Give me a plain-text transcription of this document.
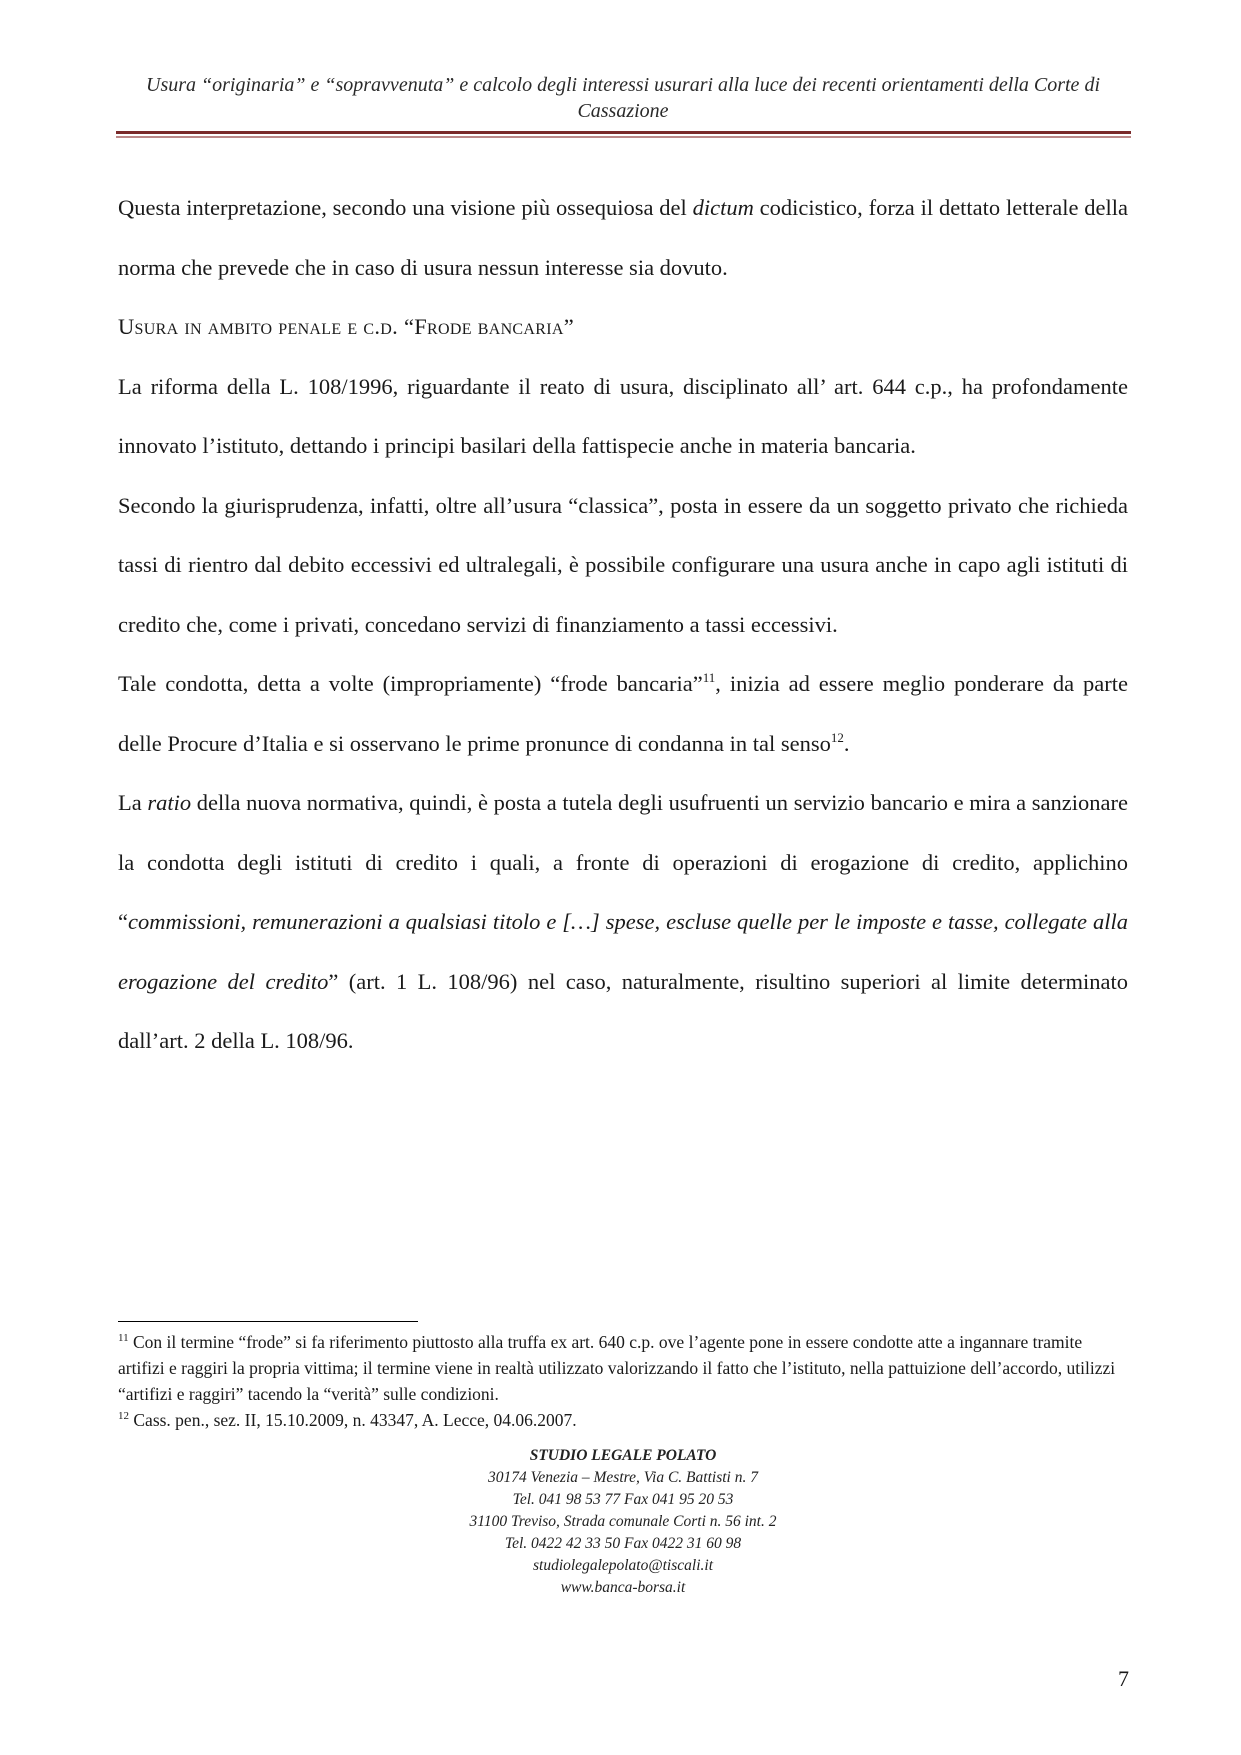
Usura “originaria” e “sopravvenuta” e calcolo degli interessi usurari alla luce dei recenti orientamenti della Corte di
Cassazione

Questa interpretazione, secondo una visione più ossequiosa del dictum codicistico, forza il dettato letterale della norma che prevede che in caso di usura nessun interesse sia dovuto.

Usura in ambito penale e c.d. “Frode bancaria”

La riforma della L. 108/1996, riguardante il reato di usura, disciplinato all’ art. 644 c.p., ha profondamente innovato l’istituto, dettando i principi basilari della fattispecie anche in materia bancaria.

Secondo la giurisprudenza, infatti, oltre all’usura “classica”, posta in essere da un soggetto privato che richieda tassi di rientro dal debito eccessivi ed ultralegali, è possibile configurare una usura anche in capo agli istituti di credito che, come i privati, concedano servizi di finanziamento a tassi eccessivi.

Tale condotta, detta a volte (impropriamente) “frode bancaria”$^{11}$, inizia ad essere meglio ponderare da parte delle Procure d’Italia e si osservano le prime pronunce di condanna in tal senso$^{12}$.

La ratio della nuova normativa, quindi, è posta a tutela degli usufruenti un servizio bancario e mira a sanzionare la condotta degli istituti di credito i quali, a fronte di operazioni di erogazione di credito, applichino “commissioni, remunerazioni a qualsiasi titolo e […] spese, escluse quelle per le imposte e tasse, collegate alla erogazione del credito” (art. 1 L. 108/96) nel caso, naturalmente, risultino superiori al limite determinato dall’art. 2 della L. 108/96.

$^{11}$ Con il termine “frode” si fa riferimento piuttosto alla truffa ex art. 640 c.p. ove l’agente pone in essere condotte atte a ingannare tramite artifizi e raggiri la propria vittima; il termine viene in realtà utilizzato valorizzando il fatto che l’istituto, nella pattuizione dell’accordo, utilizzi “artifizi e raggiri” tacendo la “verità” sulle condizioni.

$^{12}$ Cass. pen., sez. II, 15.10.2009, n. 43347, A. Lecce, 04.06.2007.

STUDIO LEGALE POLATO
30174 Venezia – Mestre, Via C. Battisti n. 7
Tel. 041 98 53 77 Fax 041 95 20 53
31100 Treviso, Strada comunale Corti n. 56 int. 2
Tel. 0422 42 33 50 Fax 0422 31 60 98
studiolegalepolato@tiscali.it
www.banca-borsa.it
7
